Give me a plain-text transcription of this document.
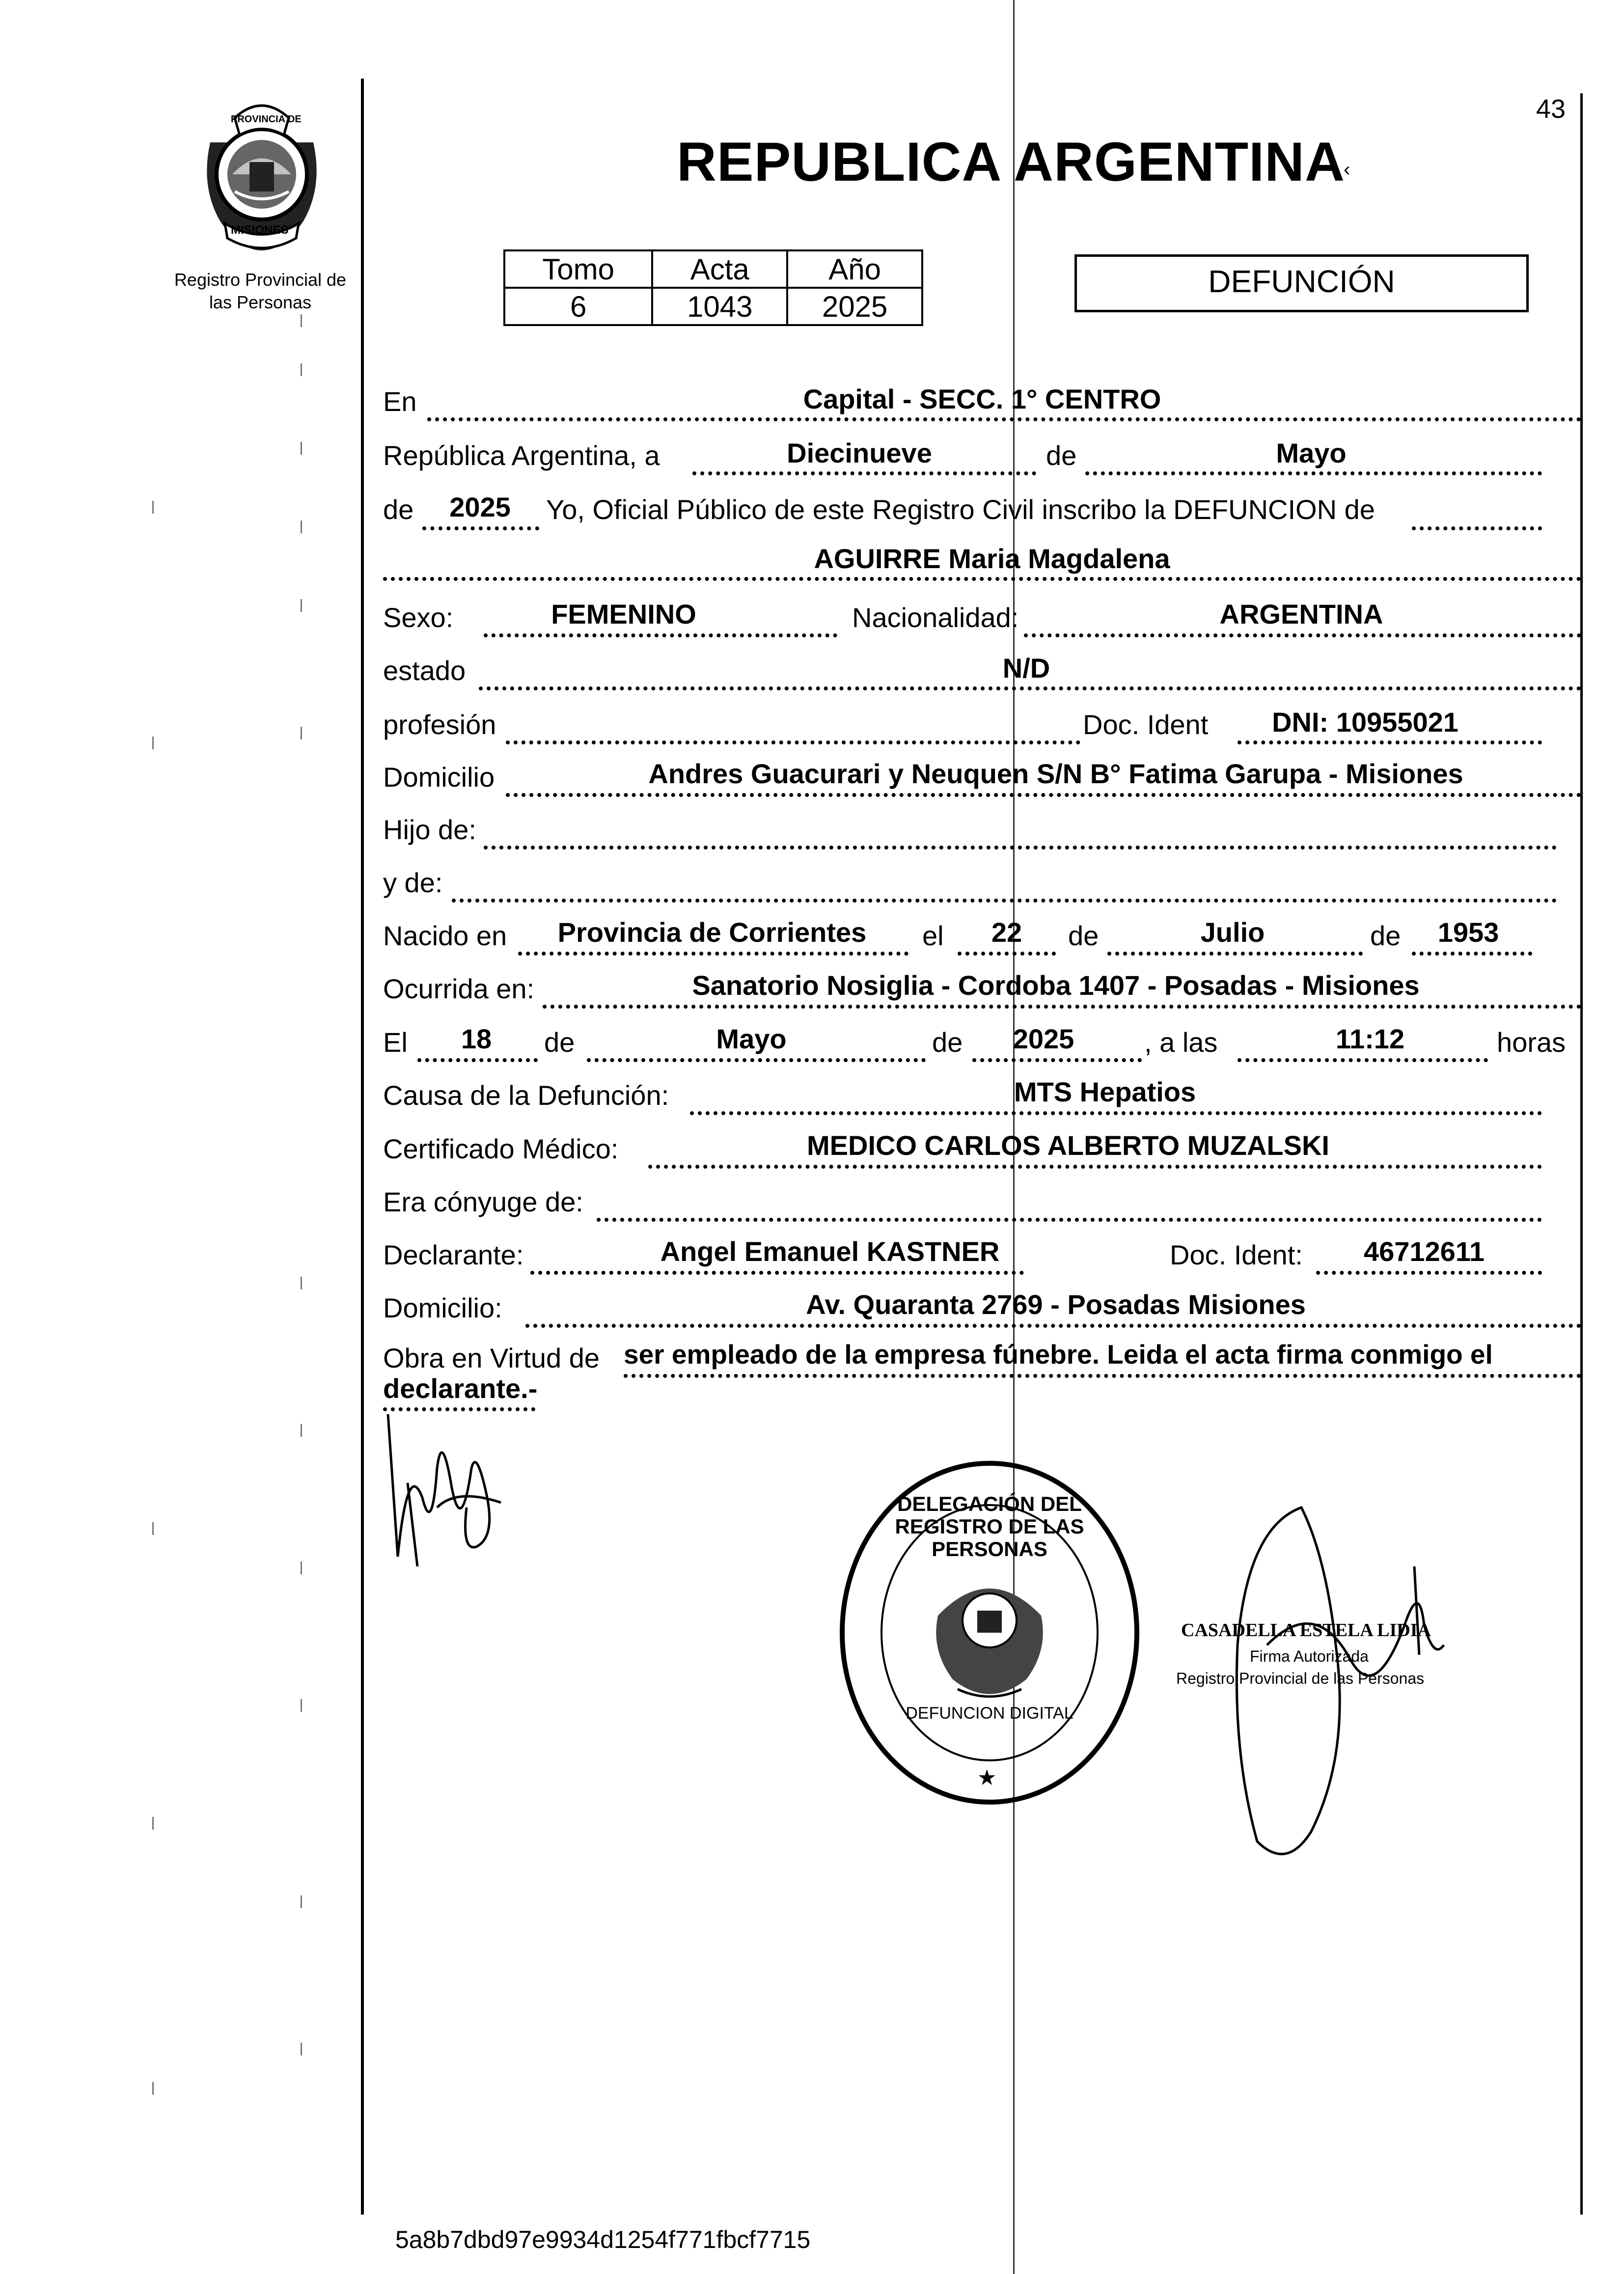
43
PROVINCIA DE
MISIONES
Registro Provincial de
las Personas
REPUBLICA ARGENTINA
‹
Tomo	Acta	Año
6	1043	2025
DEFUNCIÓN
En	Capital - SECC. 1° CENTRO
República Argentina, a	Diecinueve	de	Mayo
de	2025	Yo, Oficial Público de este Registro Civil inscribo la DEFUNCION de
AGUIRRE Maria Magdalena
Sexo:	FEMENINO	Nacionalidad:	ARGENTINA
estado	N/D
profesión	Doc. Ident	DNI: 10955021
Domicilio	Andres Guacurari y Neuquen S/N B° Fatima Garupa - Misiones
Hijo de:
y de:
Nacido en	Provincia de Corrientes	el	22	de	Julio	de	1953
Ocurrida en:	Sanatorio Nosiglia - Cordoba 1407 - Posadas - Misiones
El	18	de	Mayo	de	2025	, a las	11:12	horas
Causa de la Defunción:	MTS Hepatios
Certificado Médico:	MEDICO CARLOS ALBERTO MUZALSKI
Era cónyuge de:
Declarante:	Angel Emanuel KASTNER	Doc. Ident:	46712611
Domicilio:	Av. Quaranta 2769 - Posadas Misiones
Obra en Virtud de ser empleado de la empresa fúnebre. Leida el acta firma conmigo el
declarante.-
DELEGACIÓN DEL REGISTRO DE LAS PERSONAS
DEFUNCION DIGITAL
★
CASADELLA ESTELA LIDIA
Firma Autorizada
Registro Provincial de las Personas
5a8b7dbd97e9934d1254f771fbcf7715
